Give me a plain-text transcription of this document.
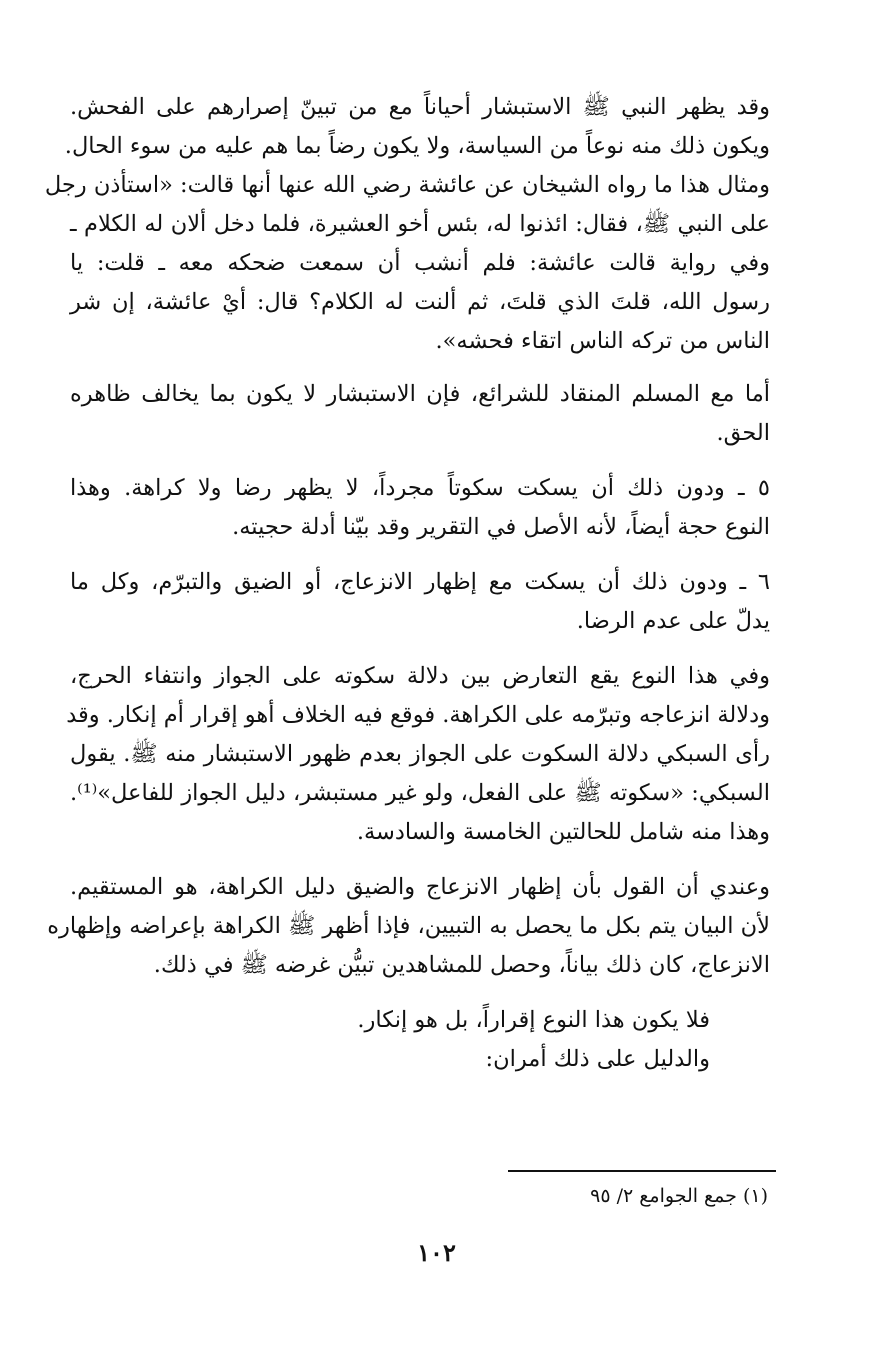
وقد يظهر النبي ﷺ الاستبشار أحياناً مع من تبينّ إصرارهم على الفحش.
ويكون ذلك منه نوعاً من السياسة، ولا يكون رضاً بما هم عليه من سوء الحال.
ومثال هذا ما رواه الشيخان عن عائشة رضي الله عنها أنها قالت: «استأذن رجل
على النبي ﷺ، فقال: ائذنوا له، بئس أخو العشيرة، فلما دخل ألان له الكلام ـ
وفي رواية قالت عائشة: فلم أنشب أن سمعت ضحكه معه ـ قلت: يا
رسول الله، قلتَ الذي قلتَ، ثم ألنت له الكلام؟ قال: أيْ عائشة، إن شر
الناس من تركه الناس اتقاء فحشه».
أما مع المسلم المنقاد للشرائع، فإن الاستبشار لا يكون بما يخالف ظاهره
الحق.
٥ ـ ودون ذلك أن يسكت سكوتاً مجرداً، لا يظهر رضا ولا كراهة. وهذا
النوع حجة أيضاً، لأنه الأصل في التقرير وقد بيّنا أدلة حجيته.
٦ ـ ودون ذلك أن يسكت مع إظهار الانزعاج، أو الضيق والتبرّم، وكل ما
يدلّ على عدم الرضا.
وفي هذا النوع يقع التعارض بين دلالة سكوته على الجواز وانتفاء الحرج،
ودلالة انزعاجه وتبرّمه على الكراهة. فوقع فيه الخلاف أهو إقرار أم إنكار. وقد
رأى السبكي دلالة السكوت على الجواز بعدم ظهور الاستبشار منه ﷺ. يقول
السبكي: «سكوته ﷺ على الفعل، ولو غير مستبشر، دليل الجواز للفاعل»⁽¹⁾.
وهذا منه شامل للحالتين الخامسة والسادسة.
وعندي أن القول بأن إظهار الانزعاج والضيق دليل الكراهة، هو المستقيم.
لأن البيان يتم بكل ما يحصل به التبيين، فإذا أظهر ﷺ الكراهة بإعراضه وإظهاره
الانزعاج، كان ذلك بياناً، وحصل للمشاهدين تبيُّن غرضه ﷺ في ذلك.
فلا يكون هذا النوع إقراراً، بل هو إنكار.
والدليل على ذلك أمران:
(١) جمع الجوامع ٢/ ٩٥
١٠٢
